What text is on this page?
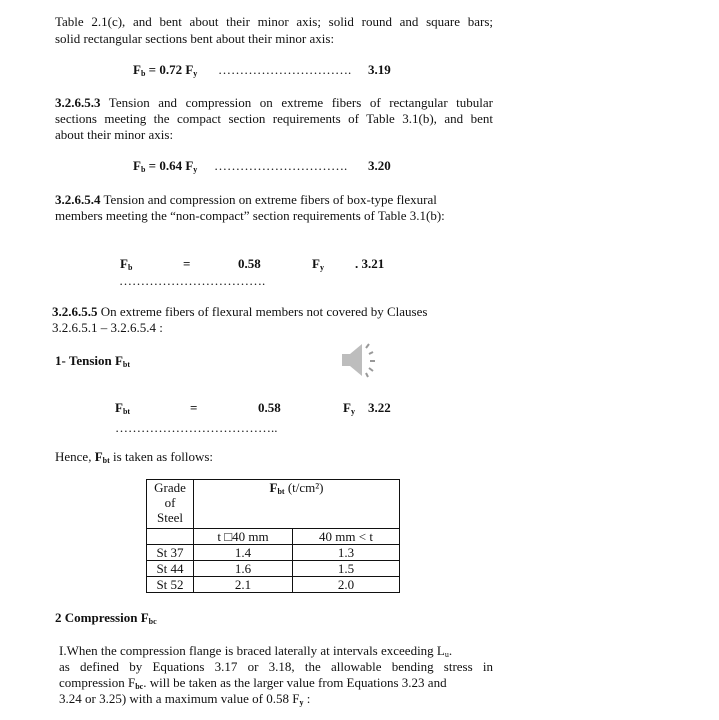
Table 2.1(c), and bent about their minor axis; solid round and square bars;
solid rectangular sections bent about their minor axis:
$F_b = 0.72$ $F_y$ …………………………. 3.19
3.2.6.5.3 Tension and compression on extreme fibers of rectangular tubular
sections meeting the compact section requirements of Table 3.1(b), and bent
about their minor axis:
$F_b = 0.64$ $F_y$ …………………………. 3.20
3.2.6.5.4 Tension and compression on extreme fibers of box-type flexural
members meeting the “non-compact” section requirements of Table 3.1(b):
$F_b$	=	0.58	$F_y$ . 3.21
…………………………….
3.2.6.5.5 On extreme fibers of flexural members not covered by Clauses
3.2.6.5.1 – 3.2.6.5.4 :
1- Tension $F_{bt}$
$F_{bt}$	=	0.58	$F_y$ 3.22
………………………………..
Hence, $F_{bt}$ is taken as follows:
Grade of Steel	$F_{bt}$ (t/cm²)	
	t □40 mm	40 mm < t
St 37	1.4	1.3
St 44	1.6	1.5
St 52	2.1	2.0
2 Compression $F_{bc}$
I.When the compression flange is braced laterally at intervals exceeding $L_u$.
as defined by Equations 3.17 or 3.18, the allowable bending stress in
compression $F_{bc}$. will be taken as the larger value from Equations 3.23 and
3.24 or 3.25) with a maximum value of 0.58 $F_y$ :
